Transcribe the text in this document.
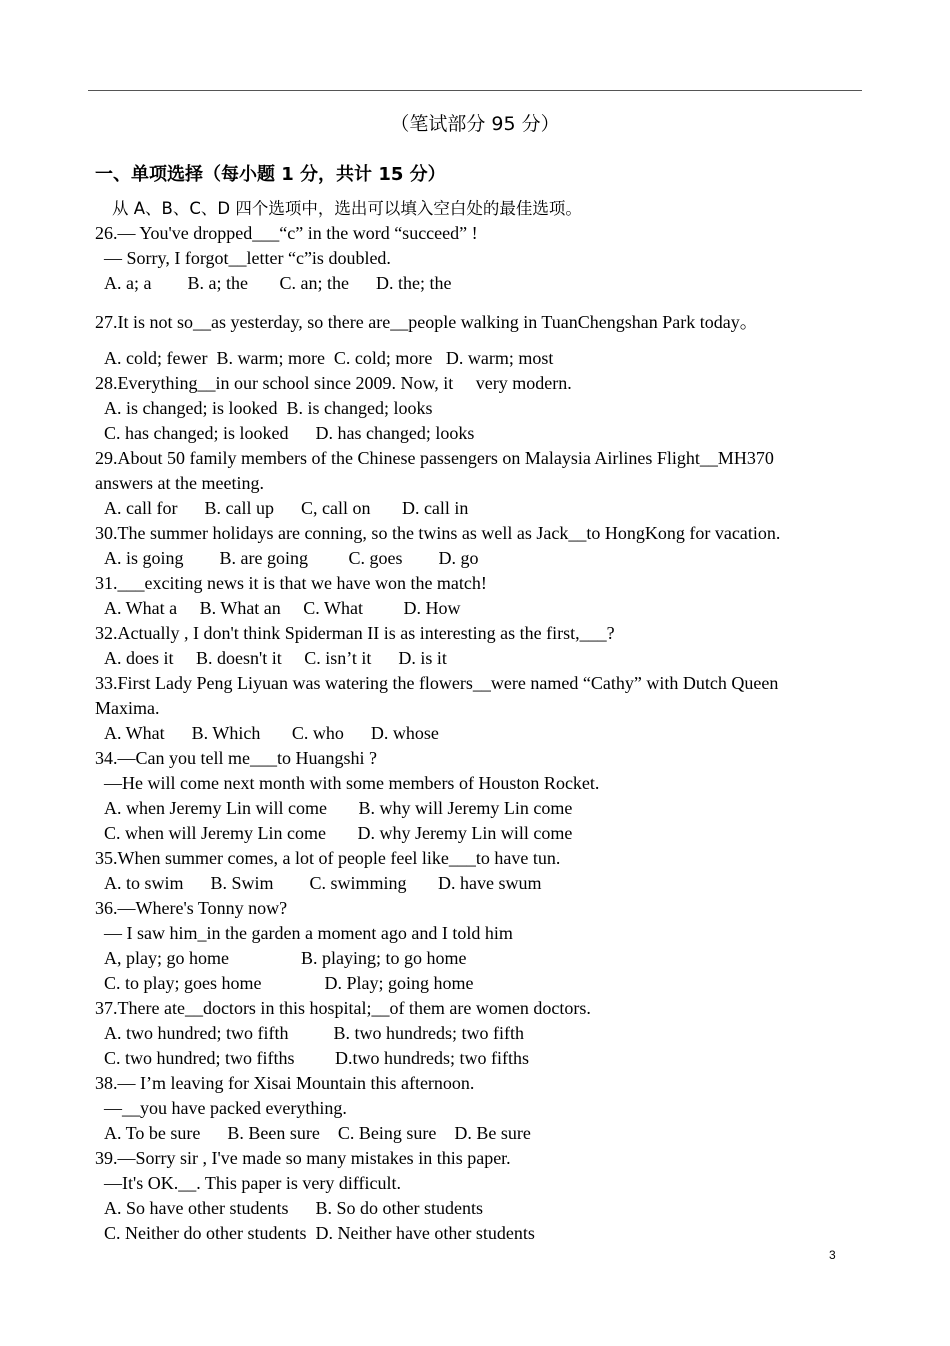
（笔试部分 95 分）
一、单项选择（每小题 1 分，共计 15 分）
从 A、B、C、D 四个选项中，选出可以填入空白处的最佳选项。
26.— You've dropped___“c” in the word “succeed” !
— Sorry, I forgot__letter “c”is doubled.
A. a; a        B. a; the       C. an; the      D. the; the
27.It is not so__as yesterday, so there are__people walking in TuanChengshan Park today。
A. cold; fewer  B. warm; more  C. cold; more   D. warm; most
28.Everything__in our school since 2009. Now, it     very modern.
A. is changed; is looked  B. is changed; looks
C. has changed; is looked      D. has changed; looks
29.About 50 family members of the Chinese passengers on Malaysia Airlines Flight__MH370
answers at the meeting.
A. call for      B. call up      C, call on       D. call in
30.The summer holidays are conning, so the twins as well as Jack__to HongKong for vacation.
A. is going        B. are going         C. goes        D. go
31.___exciting news it is that we have won the match!
A. What a     B. What an     C. What         D. How
32.Actually , I don't think Spiderman II is as interesting as the first,___?
A. does it     B. doesn't it     C. isn’t it      D. is it
33.First Lady Peng Liyuan was watering the flowers__were named “Cathy” with Dutch Queen
Maxima.
A. What      B. Which       C. who      D. whose
34.—Can you tell me___to Huangshi ?
—He will come next month with some members of Houston Rocket.
A. when Jeremy Lin will come       B. why will Jeremy Lin come
C. when will Jeremy Lin come       D. why Jeremy Lin will come
35.When summer comes, a lot of people feel like___to have tun.
A. to swim      B. Swim        C. swimming       D. have swum
36.—Where's Tonny now?
— I saw him_in the garden a moment ago and I told him
A, play; go home                B. playing; to go home
C. to play; goes home              D. Play; going home
37.There ate__doctors in this hospital;__of them are women doctors.
A. two hundred; two fifth          B. two hundreds; two fifth
C. two hundred; two fifths         D.two hundreds; two fifths
38.— I’m leaving for Xisai Mountain this afternoon.
—__you have packed everything.
A. To be sure      B. Been sure    C. Being sure    D. Be sure
39.—Sorry sir , I've made so many mistakes in this paper.
—It's OK.__. This paper is very difficult.
A. So have other students      B. So do other students
C. Neither do other students  D. Neither have other students
3
